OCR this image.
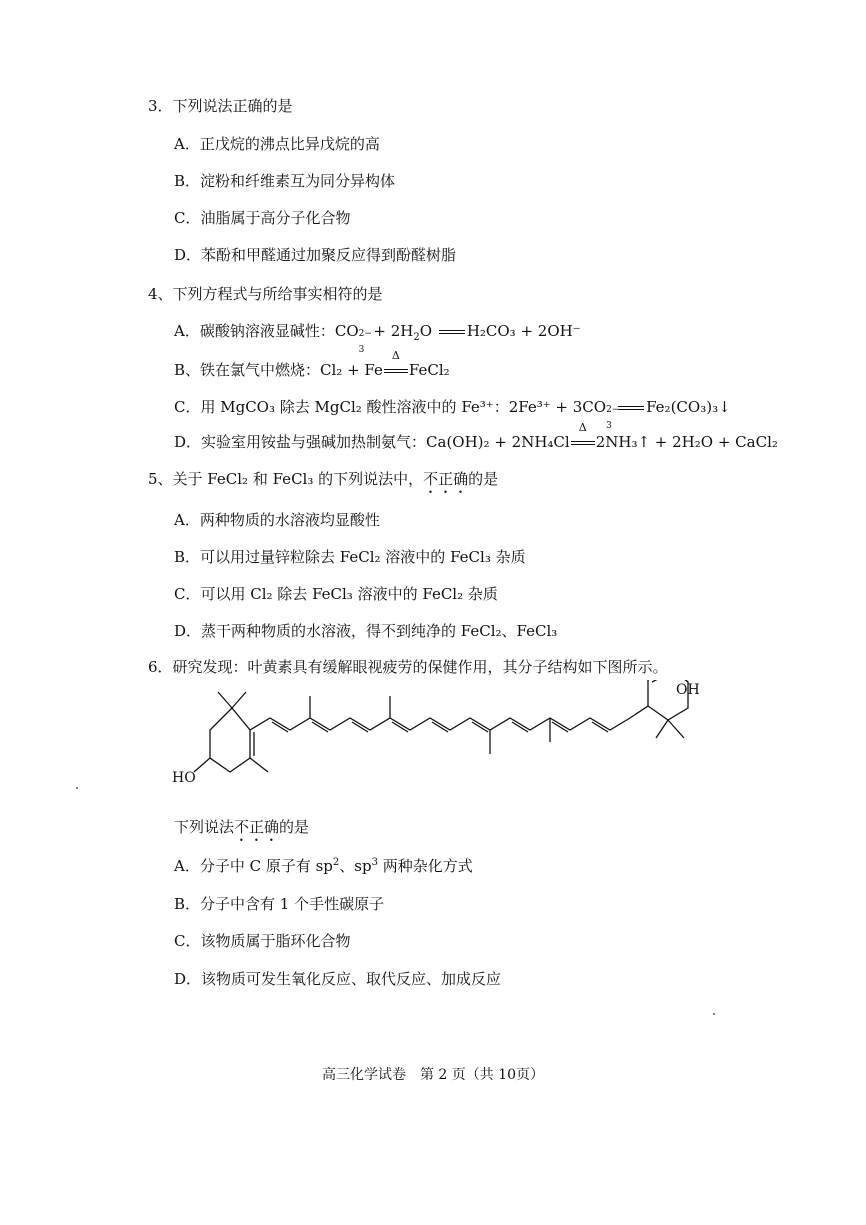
3．下列说法正确的是
A．正戊烷的沸点比异戊烷的高
B．淀粉和纤维素互为同分异构体
C．油脂属于高分子化合物
D．苯酚和甲醛通过加聚反应得到酚醛树脂
4、下列方程式与所给事实相符的是
A．碳酸钠溶液显碱性：CO 2−
3
+ $2H_2O$ H₂CO₃ + 2OH⁻
B、铁在氯气中燃烧：Cl₂ + Fe
Δ
FeCl₂
C．用 MgCO₃ 除去 MgCl₂ 酸性溶液中的 Fe³⁺：2Fe³⁺ + 3CO 2−
3
Fe₂(CO₃)₃↓
D．实验室用铵盐与强碱加热制氨气：Ca(OH)₂ + 2NH₄Cl
Δ
2NH₃↑ + 2H₂O + CaCl₂
5、关于 FeCl₂ 和 FeCl₃ 的下列说法中，不正确的是
A．两种物质的水溶液均显酸性
B．可以用过量锌粒除去 FeCl₂ 溶液中的 FeCl₃ 杂质
C．可以用 Cl₂ 除去 FeCl₃ 溶液中的 FeCl₂ 杂质
D．蒸干两种物质的水溶液，得不到纯净的 FeCl₂、FeCl₃
6．研究发现：叶黄素具有缓解眼视疲劳的保健作用，其分子结构如下图所示。
OH
HO
下列说法不正确的是
A．分子中 C 原子有 $sp^2$、$sp^3$ 两种杂化方式
B．分子中含有 1 个手性碳原子
C．该物质属于脂环化合物
D．该物质可发生氧化反应、取代反应、加成反应
高三化学试卷　第 2 页（共 10页）
